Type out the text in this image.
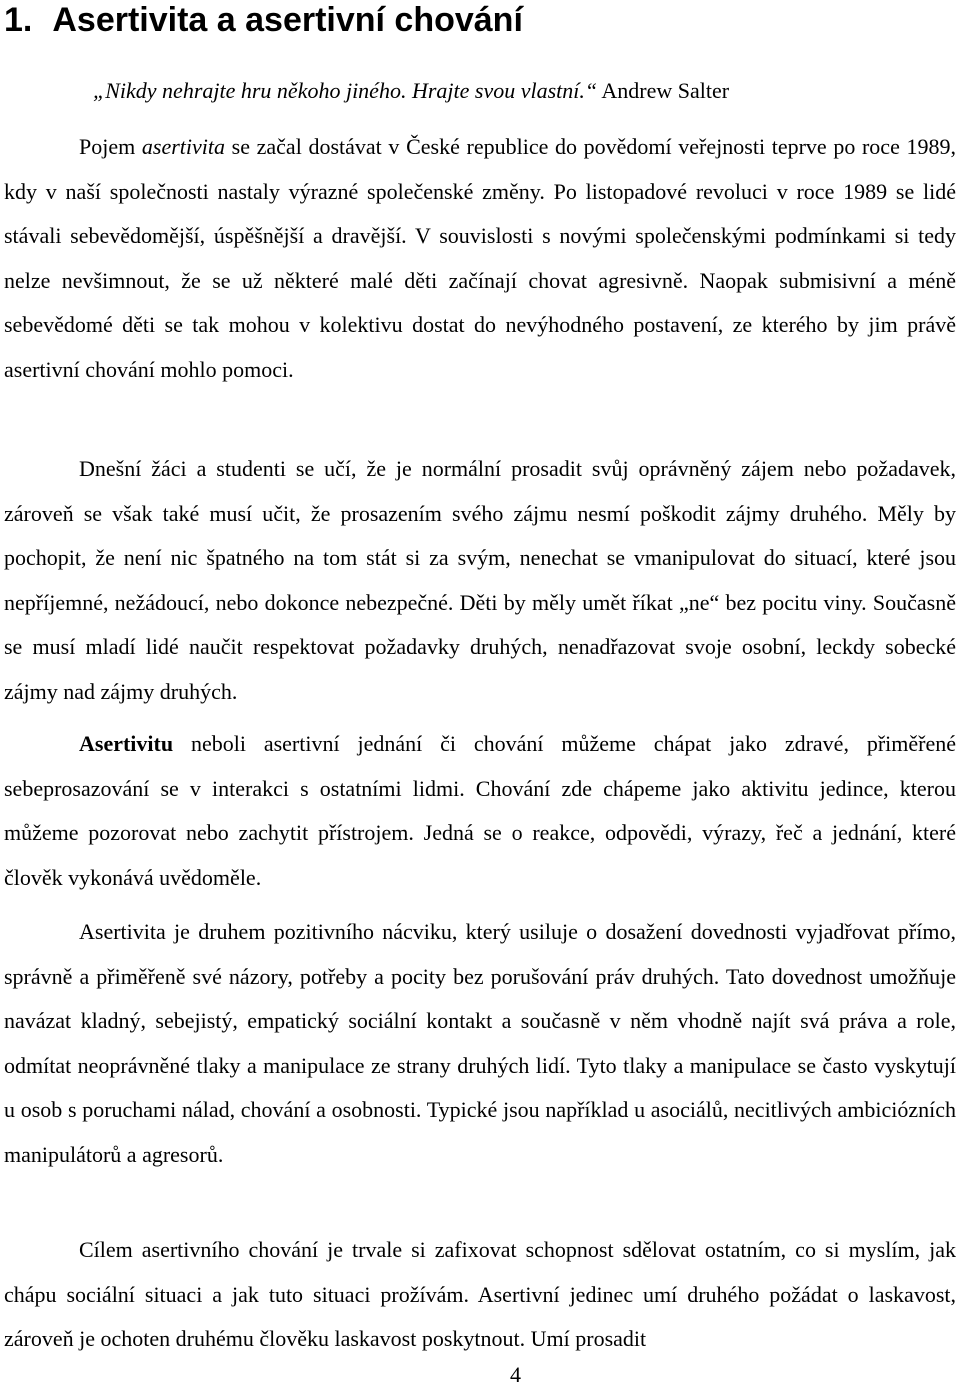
1. Asertivita a asertivní chování
„Nikdy nehrajte hru někoho jiného. Hrajte svou vlastní.“ Andrew Salter

Pojem asertivita se začal dostávat v České republice do povědomí veřejnosti teprve po roce 1989, kdy v naší společnosti nastaly výrazné společenské změny. Po listopadové revoluci v roce 1989 se lidé stávali sebevědomější, úspěšnější a dravější. V souvislosti s novými společenskými podmínkami si tedy nelze nevšimnout, že se už některé malé děti začínají chovat agresivně. Naopak submisivní a méně sebevědomé děti se tak mohou v kolektivu dostat do nevýhodného postavení, ze kterého by jim právě asertivní chování mohlo pomoci.

Dnešní žáci a studenti se učí, že je normální prosadit svůj oprávněný zájem nebo požadavek, zároveň se však také musí učit, že prosazením svého zájmu nesmí poškodit zájmy druhého. Měly by pochopit, že není nic špatného na tom stát si za svým, nenechat se vmanipulovat do situací, které jsou nepříjemné, nežádoucí, nebo dokonce nebezpečné. Děti by měly umět říkat „ne“ bez pocitu viny. Současně se musí mladí lidé naučit respektovat požadavky druhých, nenadřazovat svoje osobní, leckdy sobecké zájmy nad zájmy druhých.

Asertivitu neboli asertivní jednání či chování můžeme chápat jako zdravé, přiměřené sebeprosazování se v interakci s ostatními lidmi. Chování zde chápeme jako aktivitu jedince, kterou můžeme pozorovat nebo zachytit přístrojem. Jedná se o reakce, odpovědi, výrazy, řeč a jednání, které člověk vykonává uvědoměle.

Asertivita je druhem pozitivního nácviku, který usiluje o dosažení dovednosti vyjadřovat přímo, správně a přiměřeně své názory, potřeby a pocity bez porušování práv druhých. Tato dovednost umožňuje navázat kladný, sebejistý, empatický sociální kontakt a současně v něm vhodně najít svá práva a role, odmítat neoprávněné tlaky a manipulace ze strany druhých lidí. Tyto tlaky a manipulace se často vyskytují u osob s poruchami nálad, chování a osobnosti. Typické jsou například u asociálů, necitlivých ambiciózních manipulátorů a agresorů.

Cílem asertivního chování je trvale si zafixovat schopnost sdělovat ostatním, co si myslím, jak chápu sociální situaci a jak tuto situaci prožívám. Asertivní jedinec umí druhého požádat o laskavost, zároveň je ochoten druhému člověku laskavost poskytnout. Umí prosadit

4
